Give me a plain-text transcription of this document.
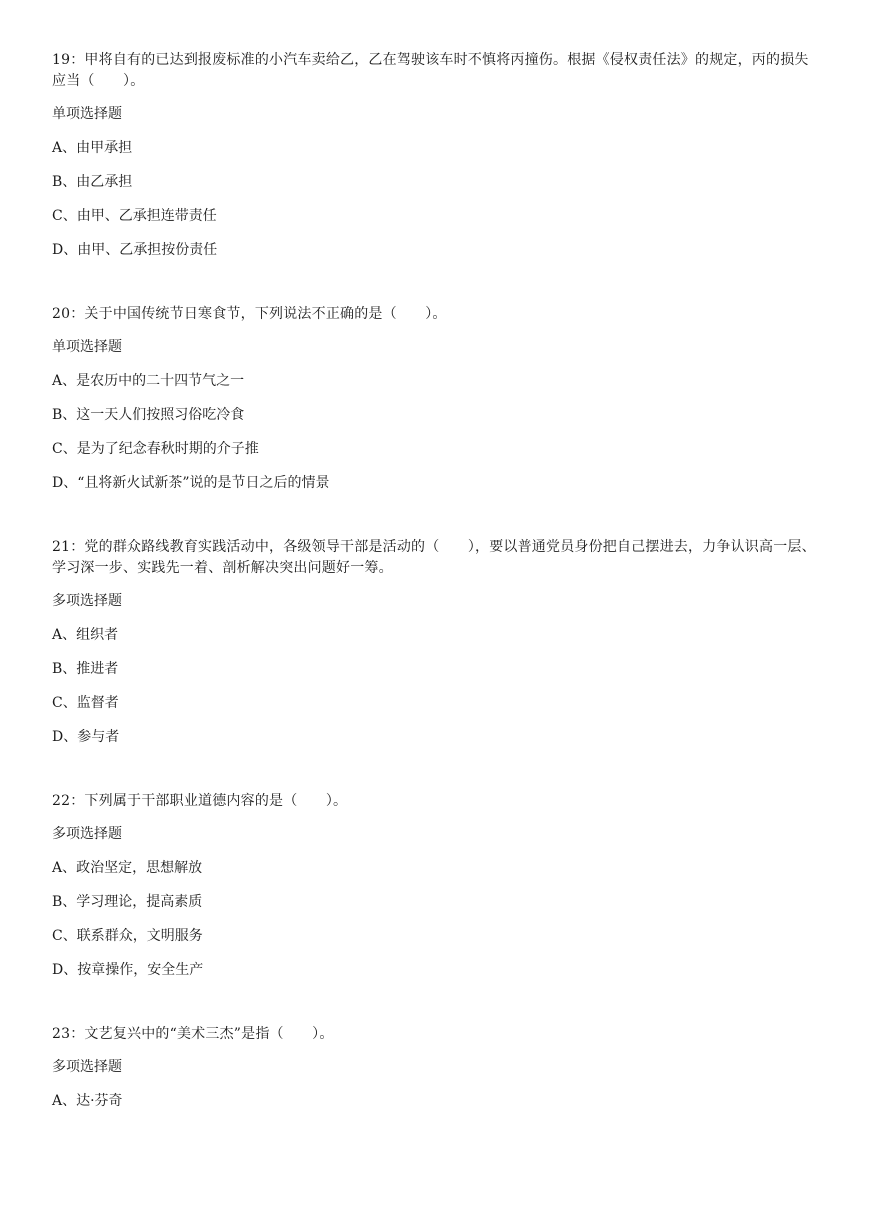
19：甲将自有的已达到报废标准的小汽车卖给乙，乙在驾驶该车时不慎将丙撞伤。根据《侵权责任法》的规定，丙的损失应当（　　）。

单项选择题

A、由甲承担

B、由乙承担

C、由甲、乙承担连带责任

D、由甲、乙承担按份责任

20：关于中国传统节日寒食节，下列说法不正确的是（　　）。

单项选择题

A、是农历中的二十四节气之一

B、这一天人们按照习俗吃冷食

C、是为了纪念春秋时期的介子推

D、“且将新火试新茶”说的是节日之后的情景

21：党的群众路线教育实践活动中，各级领导干部是活动的（　　），要以普通党员身份把自己摆进去，力争认识高一层、学习深一步、实践先一着、剖析解决突出问题好一筹。

多项选择题

A、组织者

B、推进者

C、监督者

D、参与者

22：下列属于干部职业道德内容的是（　　）。

多项选择题

A、政治坚定，思想解放

B、学习理论，提高素质

C、联系群众，文明服务

D、按章操作，安全生产

23：文艺复兴中的“美术三杰”是指（　　）。

多项选择题

A、达·芬奇
